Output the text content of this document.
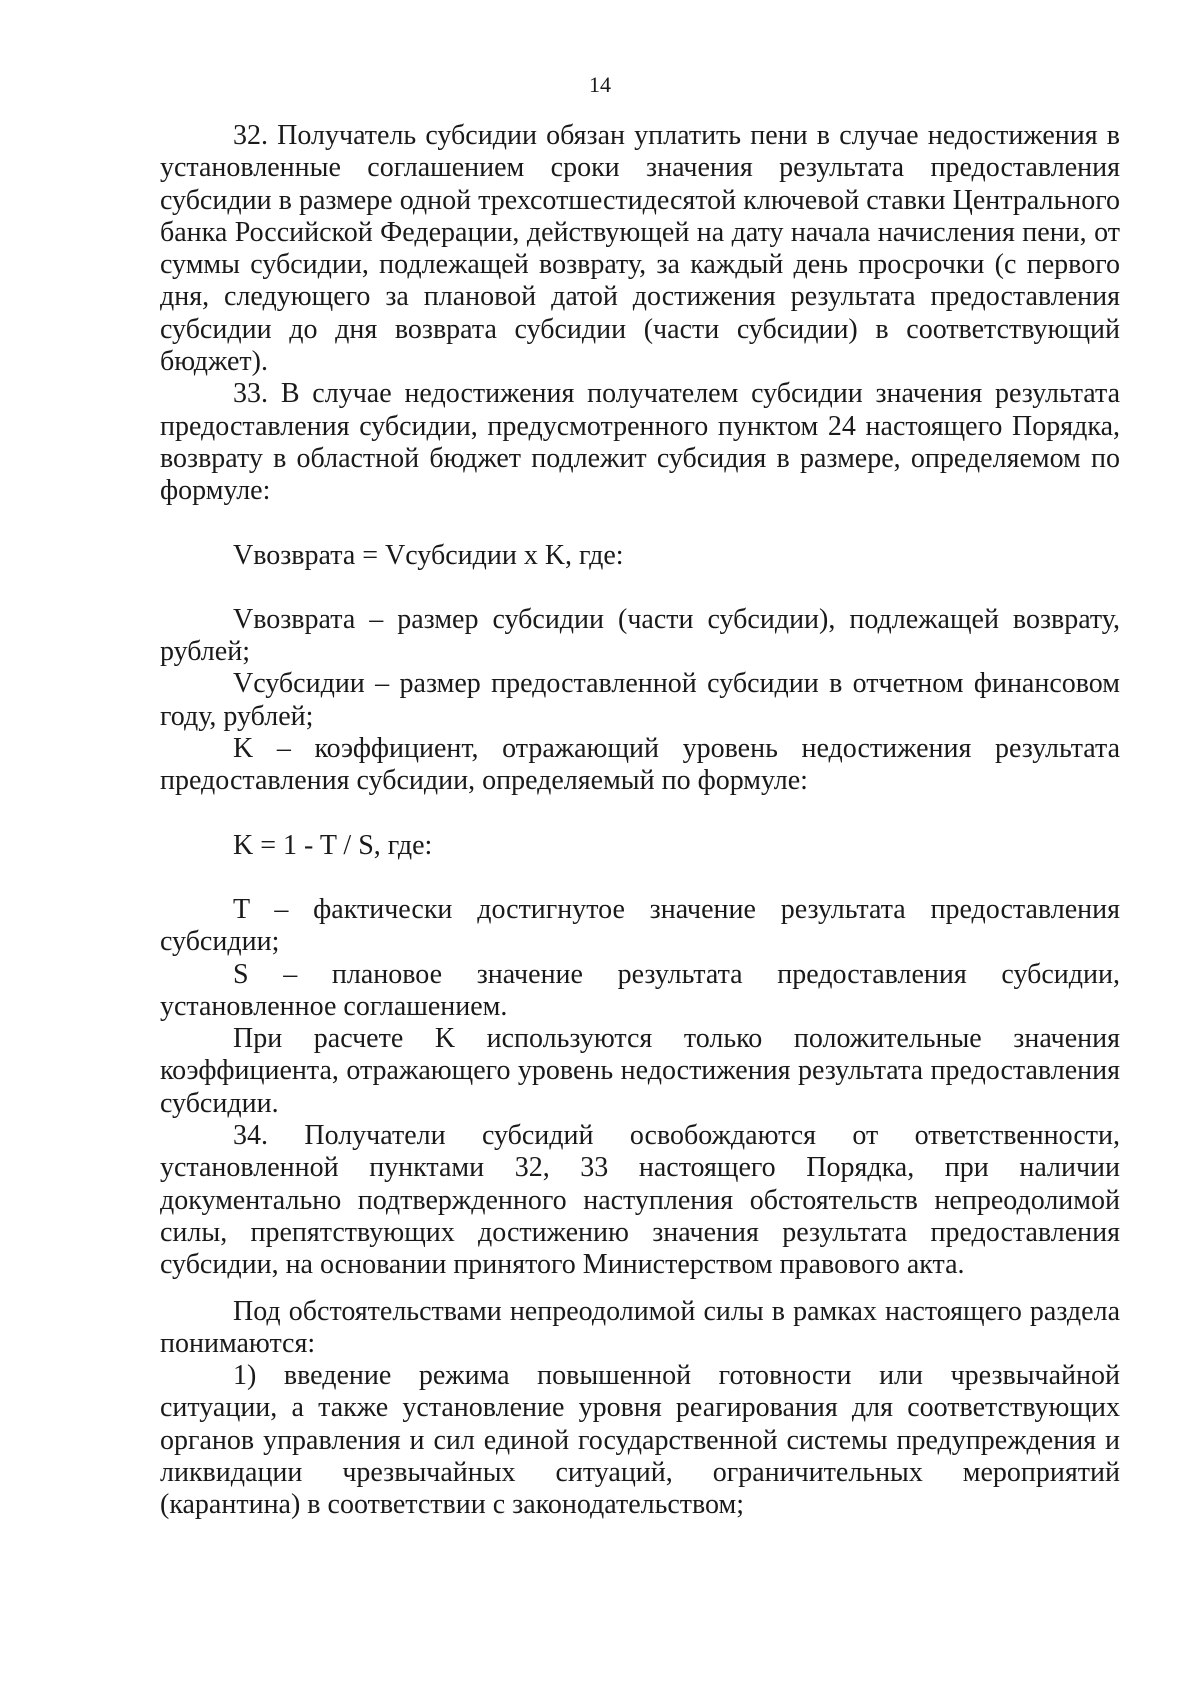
14

32. Получатель субсидии обязан уплатить пени в случае недостижения в установленные соглашением сроки значения результата предоставления субсидии в размере одной трехсотшестидесятой ключевой ставки Центрального банка Российской Федерации, действующей на дату начала начисления пени, от суммы субсидии, подлежащей возврату, за каждый день просрочки (с первого дня, следующего за плановой датой достижения результата предоставления субсидии до дня возврата субсидии (части субсидии) в соответствующий бюджет).

33. В случае недостижения получателем субсидии значения результата предоставления субсидии, предусмотренного пунктом 24 настоящего Порядка, возврату в областной бюджет подлежит субсидия в размере, определяемом по формуле:

Vвозврата = Vсубсидии x K, где:

Vвозврата – размер субсидии (части субсидии), подлежащей возврату, рублей;

Vсубсидии – размер предоставленной субсидии в отчетном финансовом году, рублей;

K – коэффициент, отражающий уровень недостижения результата предоставления субсидии, определяемый по формуле:

K = 1 - T / S, где:

T – фактически достигнутое значение результата предоставления субсидии;

S – плановое значение результата предоставления субсидии, установленное соглашением.

При расчете K используются только положительные значения коэффициента, отражающего уровень недостижения результата предоставления субсидии.

34. Получатели субсидий освобождаются от ответственности, установленной пунктами 32, 33 настоящего Порядка, при наличии документально подтвержденного наступления обстоятельств непреодолимой силы, препятствующих достижению значения результата предоставления субсидии, на основании принятого Министерством правового акта.

Под обстоятельствами непреодолимой силы в рамках настоящего раздела понимаются:

1) введение режима повышенной готовности или чрезвычайной ситуации, а также установление уровня реагирования для соответствующих органов управления и сил единой государственной системы предупреждения и ликвидации чрезвычайных ситуаций, ограничительных мероприятий (карантина) в соответствии с законодательством;
